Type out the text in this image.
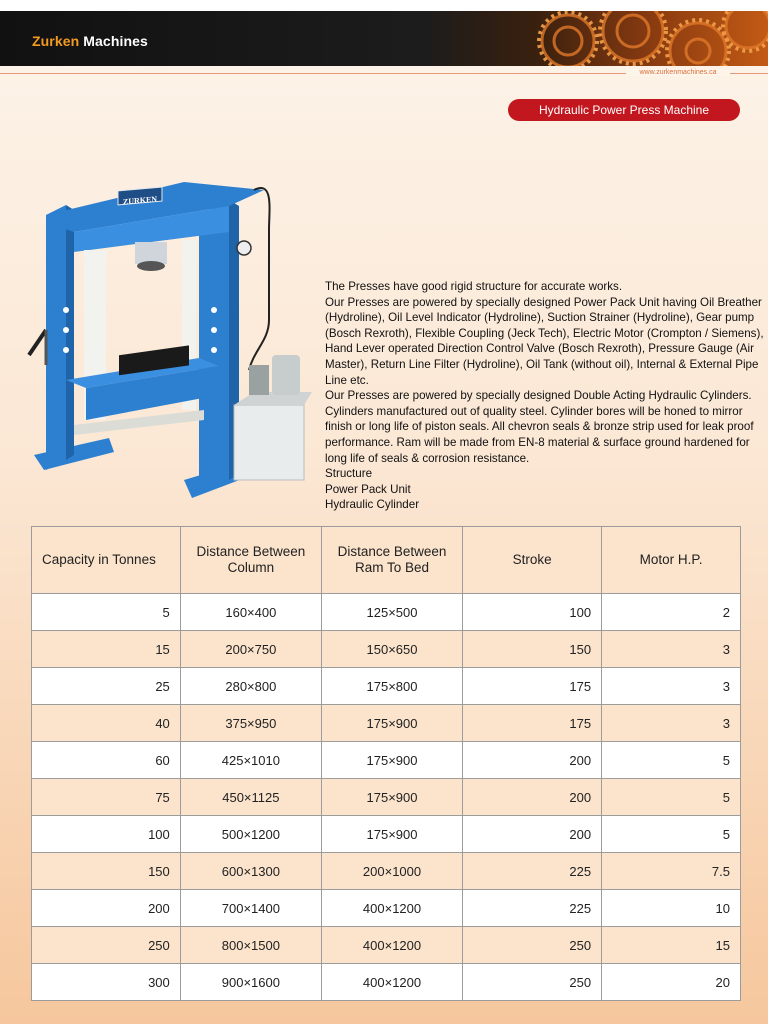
Zurken Machines
www.zurkenmachines.ca
Hydraulic Power Press Machine
ZURKEN

The Presses have good rigid structure for accurate works.

Our Presses are powered by specially designed Power Pack Unit having Oil Breather (Hydroline), Oil Level Indicator (Hydroline), Suction Strainer (Hydroline), Gear pump (Bosch Rexroth), Flexible Coupling (Jeck Tech), Electric Motor (Crompton / Siemens), Hand Lever operated Direction Control Valve (Bosch Rexroth), Pressure Gauge (Air Master), Return Line Filter (Hydroline), Oil Tank (without oil), Internal & External Pipe Line etc.

Our Presses are powered by specially designed Double Acting Hydraulic Cylinders. Cylinders manufactured out of quality steel. Cylinder bores will be honed to mirror finish or long life of piston seals. All chevron seals & bronze strip used for leak proof performance. Ram will be made from EN-8 material & surface ground hardened for long life of seals & corrosion resistance.

Structure

Power Pack Unit

Hydraulic Cylinder

Capacity in Tonnes	Distance Between Column	Distance Between Ram To Bed	Stroke	Motor H.P.
5	160×400	125×500	100	2
15	200×750	150×650	150	3
25	280×800	175×800	175	3
40	375×950	175×900	175	3
60	425×1010	175×900	200	5
75	450×1125	175×900	200	5
100	500×1200	175×900	200	5
150	600×1300	200×1000	225	7.5
200	700×1400	400×1200	225	10
250	800×1500	400×1200	250	15
300	900×1600	400×1200	250	20
